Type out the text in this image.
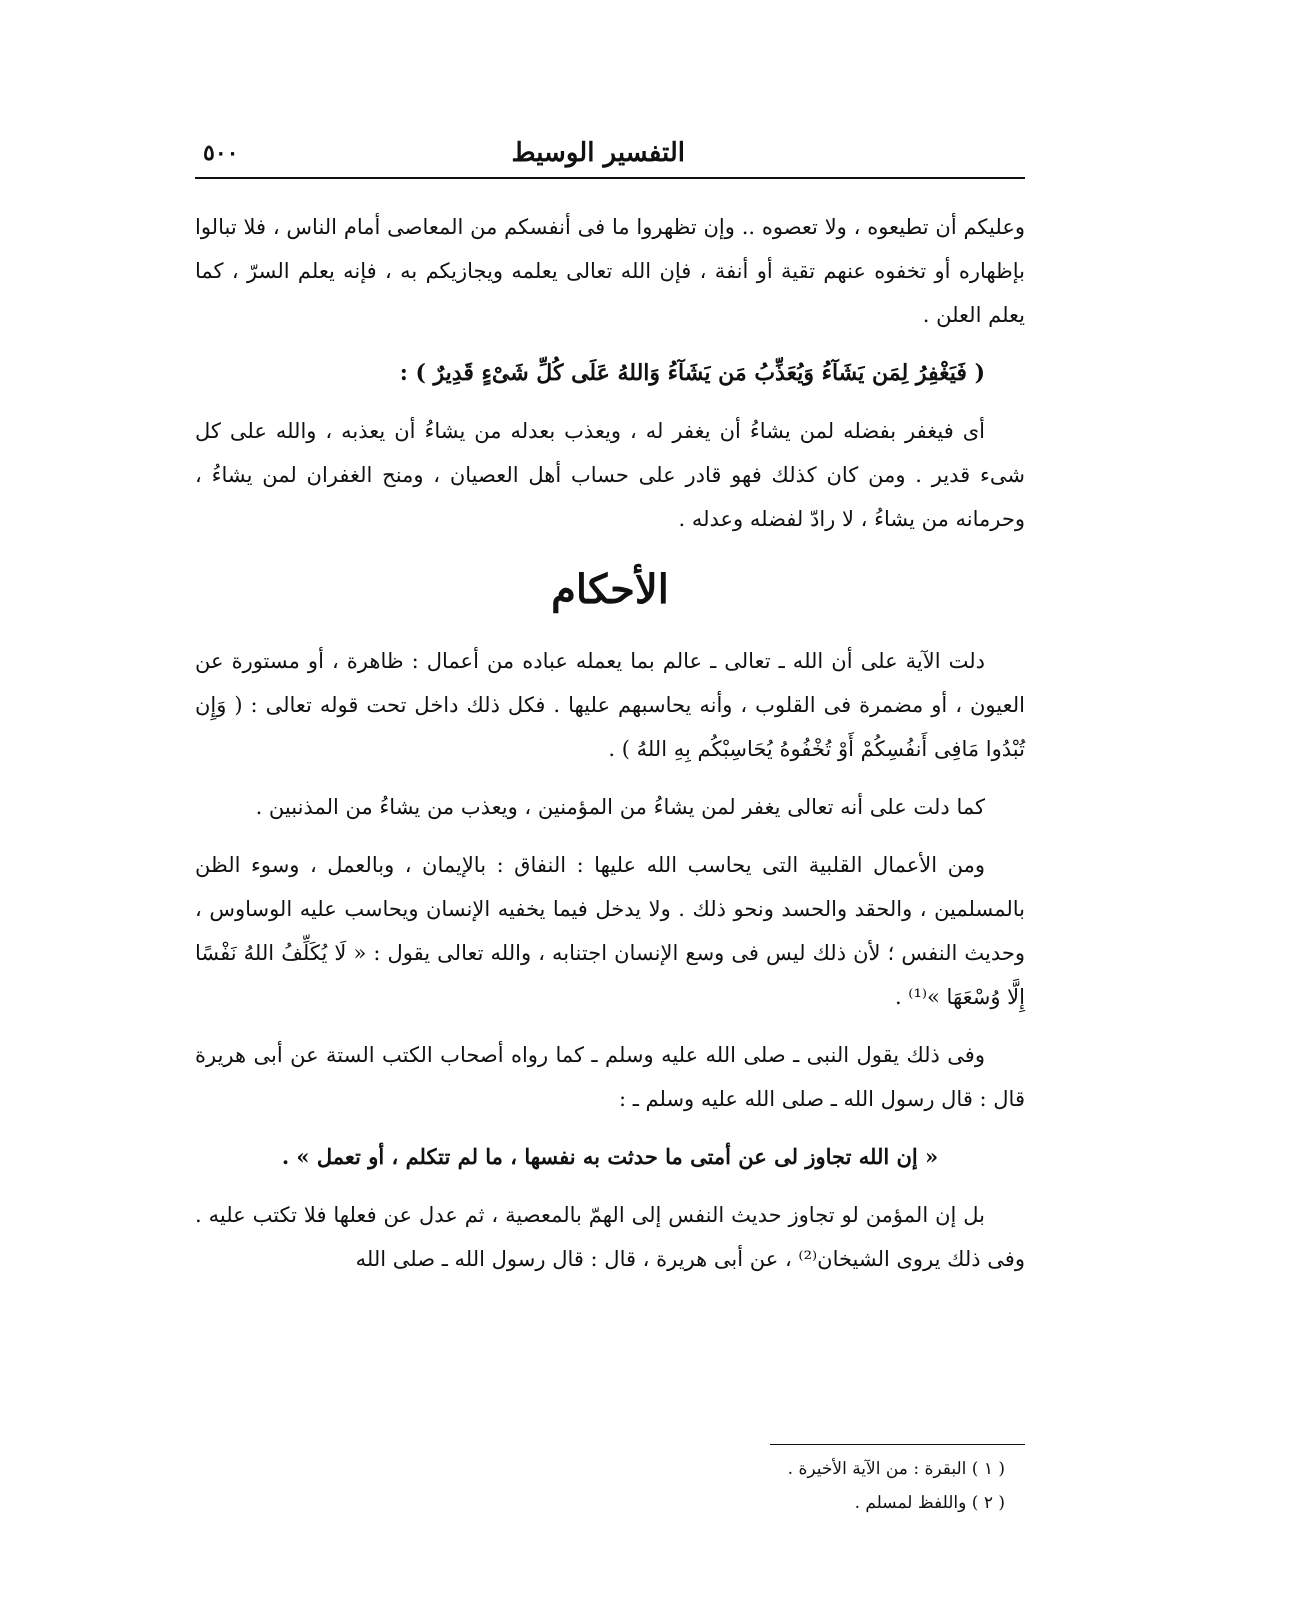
التفسير الوسيط
٥٠٠

وعليكم أن تطيعوه ، ولا تعصوه .. وإن تظهروا ما فى أنفسكم من المعاصى أمام الناس ، فلا تبالوا بإظهاره أو تخفوه عنهم تقية أو أنفة ، فإن الله تعالى يعلمه ويجازيكم به ، فإنه يعلم السرّ ، كما يعلم العلن .

( فَيَغْفِرُ لِمَن يَشَآءُ وَيُعَذِّبُ مَن يَشَآءُ وَاللهُ عَلَى كُلِّ شَىْءٍ قَدِيرٌ ) :

أى فيغفر بفضله لمن يشاءُ أن يغفر له ، ويعذب بعدله من يشاءُ أن يعذبه ، والله على كل شىء قدير . ومن كان كذلك فهو قادر على حساب أهل العصيان ، ومنح الغفران لمن يشاءُ ، وحرمانه من يشاءُ ، لا رادّ لفضله وعدله .

الأحكام

دلت الآية على أن الله ـ تعالى ـ عالم بما يعمله عباده من أعمال : ظاهرة ، أو مستورة عن العيون ، أو مضمرة فى القلوب ، وأنه يحاسبهم عليها . فكل ذلك داخل تحت قوله تعالى : ( وَإِن تُبْدُوا مَافِى أَنفُسِكُمْ أَوْ تُخْفُوهُ يُحَاسِبْكُم بِهِ اللهُ ) .

كما دلت على أنه تعالى يغفر لمن يشاءُ من المؤمنين ، ويعذب من يشاءُ من المذنبين .

ومن الأعمال القلبية التى يحاسب الله عليها : النفاق : بالإيمان ، وبالعمل ، وسوء الظن بالمسلمين ، والحقد والحسد ونحو ذلك . ولا يدخل فيما يخفيه الإنسان ويحاسب عليه الوساوس ، وحديث النفس ؛ لأن ذلك ليس فى وسع الإنسان اجتنابه ، والله تعالى يقول : « لَا يُكَلِّفُ اللهُ نَفْسًا إِلَّا وُسْعَهَا »⁽¹⁾ .

وفى ذلك يقول النبى ـ صلى الله عليه وسلم ـ كما رواه أصحاب الكتب الستة عن أبى هريرة قال : قال رسول الله ـ صلى الله عليه وسلم ـ :

« إن الله تجاوز لى عن أمتى ما حدثت به نفسها ، ما لم تتكلم ، أو تعمل » .

بل إن المؤمن لو تجاوز حديث النفس إلى الهمّ بالمعصية ، ثم عدل عن فعلها فلا تكتب عليه . وفى ذلك يروى الشيخان⁽²⁾ ، عن أبى هريرة ، قال : قال رسول الله ـ صلى الله

( ١ ) البقرة : من الآية الأخيرة .
( ٢ ) واللفظ لمسلم .
